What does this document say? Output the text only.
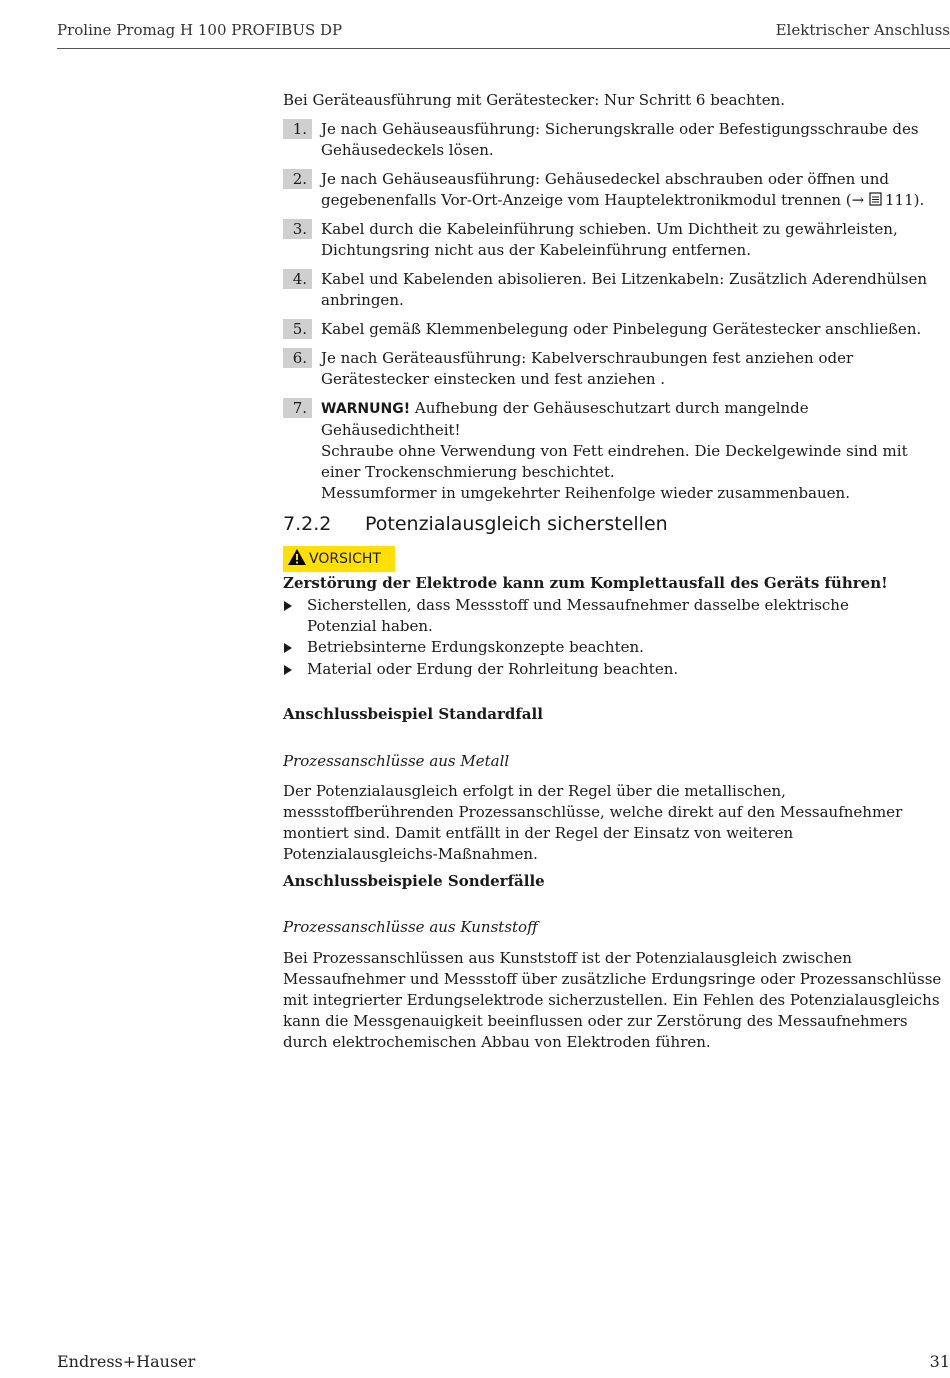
Proline Promag H 100 PROFIBUS DP	Elektrischer Anschluss
Bei Geräteausführung mit Gerätestecker: Nur Schritt 6 beachten.
1. Je nach Gehäuseausführung: Sicherungskralle oder Befestigungsschraube des Gehäusedeckels lösen.
2. Je nach Gehäuseausführung: Gehäusedeckel abschrauben oder öffnen und gegebenenfalls Vor-Ort-Anzeige vom Hauptelektronikmodul trennen (→ 111).
3. Kabel durch die Kabeleinführung schieben. Um Dichtheit zu gewährleisten, Dichtungsring nicht aus der Kabeleinführung entfernen.
4. Kabel und Kabelenden abisolieren. Bei Litzenkabeln: Zusätzlich Aderendhülsen anbringen.
5. Kabel gemäß Klemmenbelegung oder Pinbelegung Gerätestecker anschließen.
6. Je nach Geräteausführung: Kabelverschraubungen fest anziehen oder Gerätestecker einstecken und fest anziehen .
7.	WARNUNG! Aufhebung der Gehäuseschutzart durch mangelnde Gehäusedichtheit!
Schraube ohne Verwendung von Fett eindrehen. Die Deckelgewinde sind mit einer Trockenschmierung beschichtet.
Messumformer in umgekehrter Reihenfolge wieder zusammenbauen.
7.2.2 Potenzialausgleich sicherstellen
VORSICHT
Zerstörung der Elektrode kann zum Komplettausfall des Geräts führen!
Sicherstellen, dass Messstoff und Messaufnehmer dasselbe elektrische Potenzial haben.
Betriebsinterne Erdungskonzepte beachten.
Material oder Erdung der Rohrleitung beachten.
Anschlussbeispiel Standardfall
Prozessanschlüsse aus Metall
Der Potenzialausgleich erfolgt in der Regel über die metallischen, messstoffberührenden Prozessanschlüsse, welche direkt auf den Messaufnehmer montiert sind. Damit entfällt in der Regel der Einsatz von weiteren Potenzialausgleichs-Maßnahmen.
Anschlussbeispiele Sonderfälle
Prozessanschlüsse aus Kunststoff
Bei Prozessanschlüssen aus Kunststoff ist der Potenzialausgleich zwischen Messaufnehmer und Messstoff über zusätzliche Erdungsringe oder Prozessanschlüsse mit integrierter Erdungselektrode sicherzustellen. Ein Fehlen des Potenzialausgleichs kann die Messgenauigkeit beeinflussen oder zur Zerstörung des Messaufnehmers durch elektrochemischen Abbau von Elektroden führen.
Endress+Hauser	31
